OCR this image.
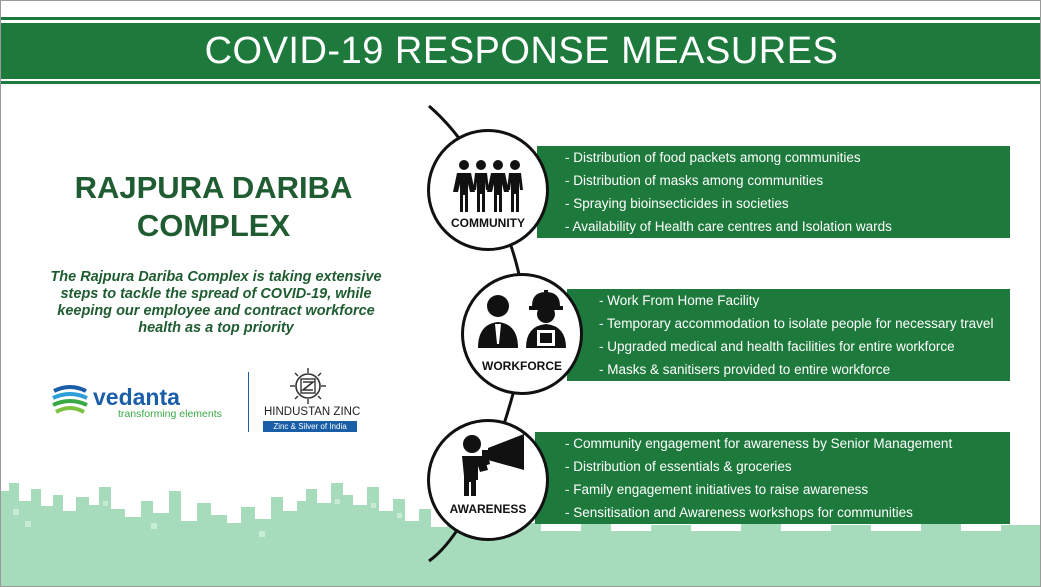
COVID-19 RESPONSE MEASURES
RAJPURA DARIBA
COMPLEX
The Rajpura Dariba Complex is taking extensive steps to tackle the spread of COVID-19, while keeping our employee and contract workforce health as a top priority
vedanta
transforming elements	HINDUSTAN ZINC
Zinc & Silver of India
- Distribution of food packets among communities
- Distribution of masks among communities
- Spraying bioinsecticides in societies
- Availability of Health care centres and Isolation wards
- Work From Home Facility
- Temporary accommodation to isolate people for necessary travel
- Upgraded medical and health facilities for entire workforce
- Masks & sanitisers provided to entire workforce
- Community engagement for awareness by Senior Management
- Distribution of essentials & groceries
- Family engagement initiatives to raise awareness
- Sensitisation and Awareness workshops for communities
COMMUNITY
WORKFORCE
AWARENESS
